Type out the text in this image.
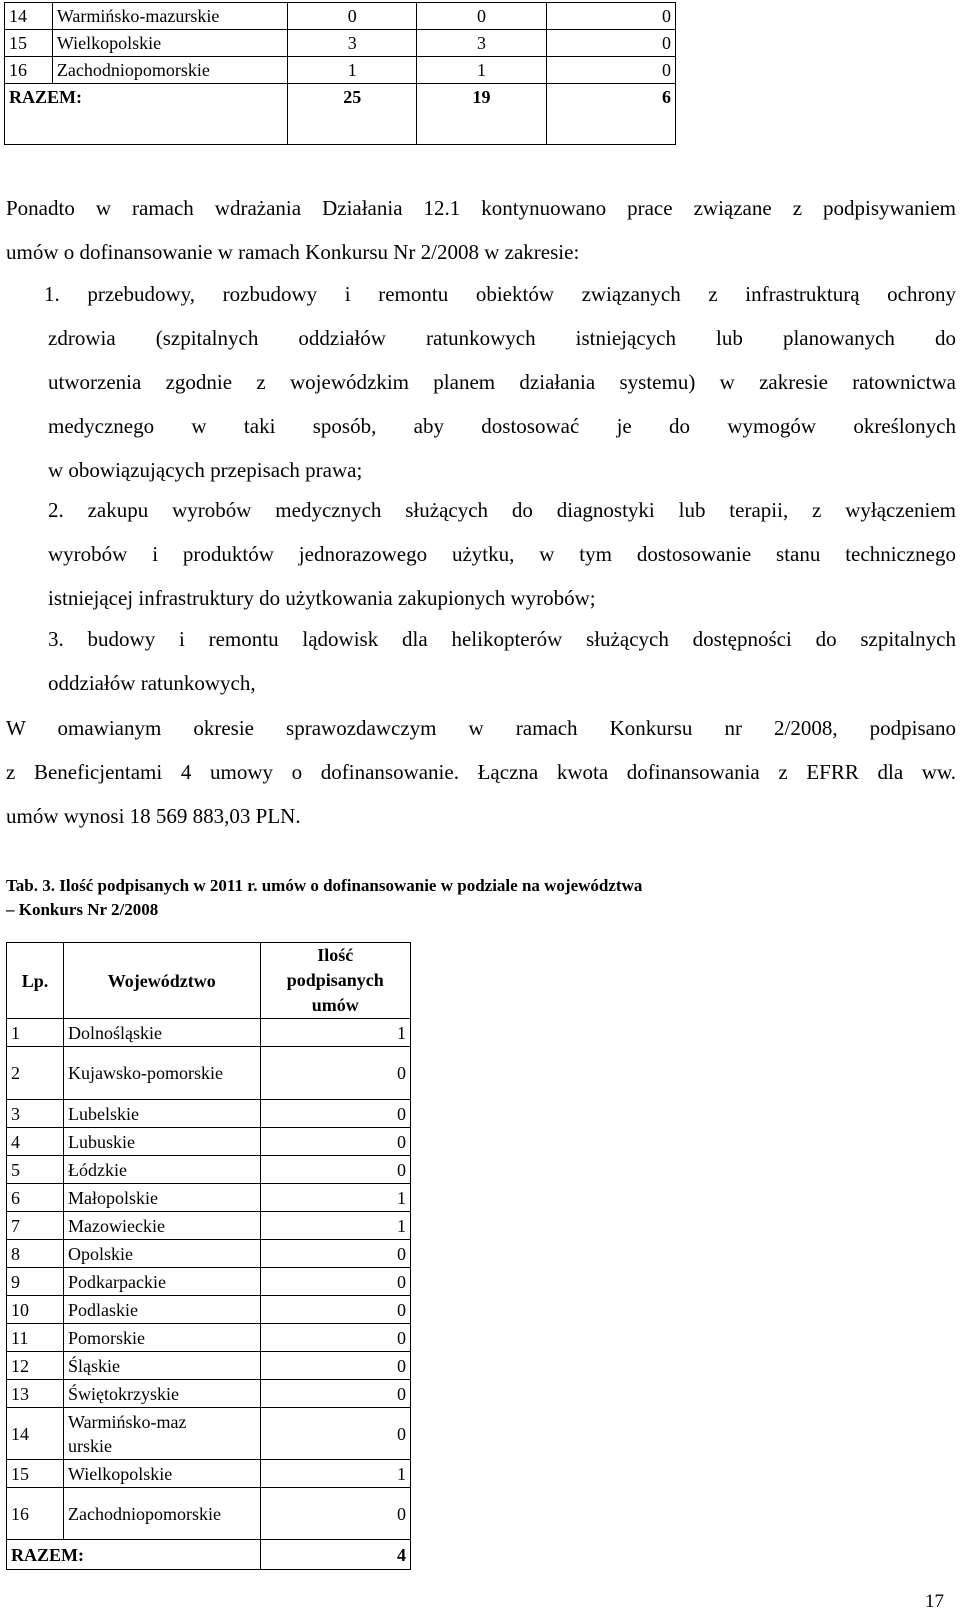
14	Warmińsko-mazurskie	0	0	0
15	Wielkopolskie	3	3	0
16	Zachodniopomorskie	1	1	0
RAZEM:		25	19	6

Ponadto w ramach wdrażania Działania 12.1 kontynuowano prace związane z podpisywaniem
umów o dofinansowanie w ramach Konkursu Nr 2/2008 w zakresie:
1. przebudowy, rozbudowy i remontu obiektów związanych z infrastrukturą ochrony
zdrowia (szpitalnych oddziałów ratunkowych istniejących lub planowanych do
utworzenia zgodnie z wojewódzkim planem działania systemu) w zakresie ratownictwa
medycznego w taki sposób, aby dostosować je do wymogów określonych
w obowiązujących przepisach prawa;
2. zakupu wyrobów medycznych służących do diagnostyki lub terapii, z wyłączeniem
wyrobów i produktów jednorazowego użytku, w tym dostosowanie stanu technicznego
istniejącej infrastruktury do użytkowania zakupionych wyrobów;
3. budowy i remontu lądowisk dla helikopterów służących dostępności do szpitalnych
oddziałów ratunkowych,
W omawianym okresie sprawozdawczym w ramach Konkursu nr 2/2008, podpisano
z Beneficjentami 4 umowy o dofinansowanie. Łączna kwota dofinansowania z EFRR dla ww.
umów wynosi 18 569 883,03 PLN.
Tab. 3. Ilość podpisanych w 2011 r. umów o dofinansowanie w podziale na województwa
– Konkurs Nr 2/2008
Lp.	Województwo	Ilość
podpisanych
umów

1	Dolnośląskie	1
2	Kujawsko-pomorskie	0
3	Lubelskie	0
4	Lubuskie	0
5	Łódzkie	0
6	Małopolskie	1
7	Mazowieckie	1
8	Opolskie	0
9	Podkarpackie	0
10	Podlaskie	0
11	Pomorskie	0
12	Śląskie	0
13	Świętokrzyskie	0
14	Warmińsko-mazurskie	0
15	Wielkopolskie	1
16	Zachodniopomorskie	0
RAZEM:		4
17
